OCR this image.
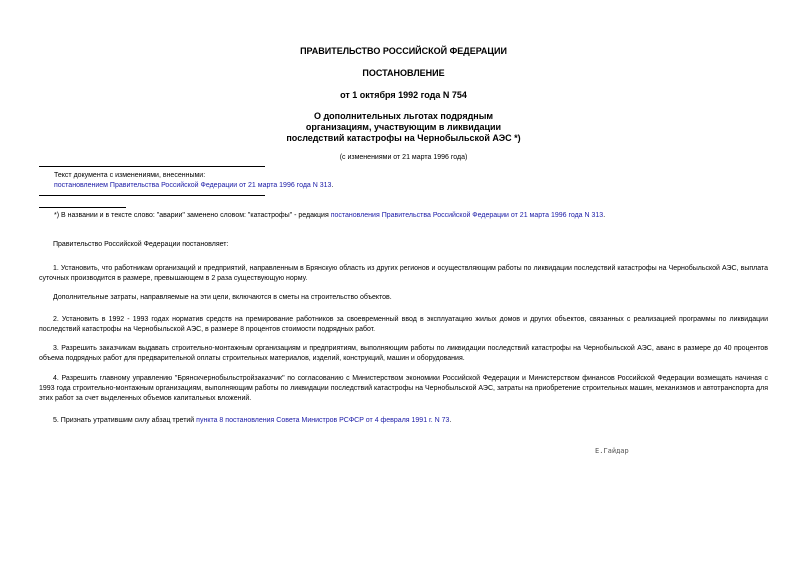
ПРАВИТЕЛЬСТВО РОССИЙСКОЙ ФЕДЕРАЦИИ

ПОСТАНОВЛЕНИЕ

от 1 октября 1992 года N 754

О дополнительных льготах подрядным

организациям, участвующим в ликвидации

последствий катастрофы на Чернобыльской АЭС *)

(с изменениями от 21 марта 1996 года)

Текст документа с изменениями, внесенными:

постановлением Правительства Российской Федерации от 21 марта 1996 года N 313.

*) В названии и в тексте слово: "аварии" заменено словом: "катастрофы" - редакция постановления Правительства Российской Федерации от 21 марта 1996 года N 313.

Правительство Российской Федерации постановляет:

1. Установить, что работникам организаций и предприятий, направленным в Брянскую область из других регионов и осуществляющим работы по ликвидации последствий катастрофы на Чернобыльской АЭС, выплата суточных производится в размере, превышающем в 2 раза существующую норму.

Дополнительные затраты, направляемые на эти цели, включаются в сметы на строительство объектов.

2. Установить в 1992 - 1993 годах норматив средств на премирование работников за своевременный ввод в эксплуатацию жилых домов и других объектов, связанных с реализацией программы по ликвидации последствий катастрофы на Чернобыльской АЭС, в размере 8 процентов стоимости подрядных работ.

3. Разрешить заказчикам выдавать строительно-монтажным организациям и предприятиям, выполняющим работы по ликвидации последствий катастрофы на Чернобыльской АЭС, аванс в размере до 40 процентов объема подрядных работ для предварительной оплаты строительных материалов, изделий, конструкций, машин и оборудования.

4. Разрешить главному управлению "Брянскчернобыльстройзаказчик" по согласованию с Министерством экономики Российской Федерации и Министерством финансов Российской Федерации возмещать начиная с 1993 года строительно-монтажным организациям, выполняющим работы по ликвидации последствий катастрофы на Чернобыльской АЭС, затраты на приобретение строительных машин, механизмов и автотранспорта для этих работ за счет выделенных объемов капитальных вложений.

5. Признать утратившим силу абзац третий пункта 8 постановления Совета Министров РСФСР от 4 февраля 1991 г. N 73.

Е.Гайдар
